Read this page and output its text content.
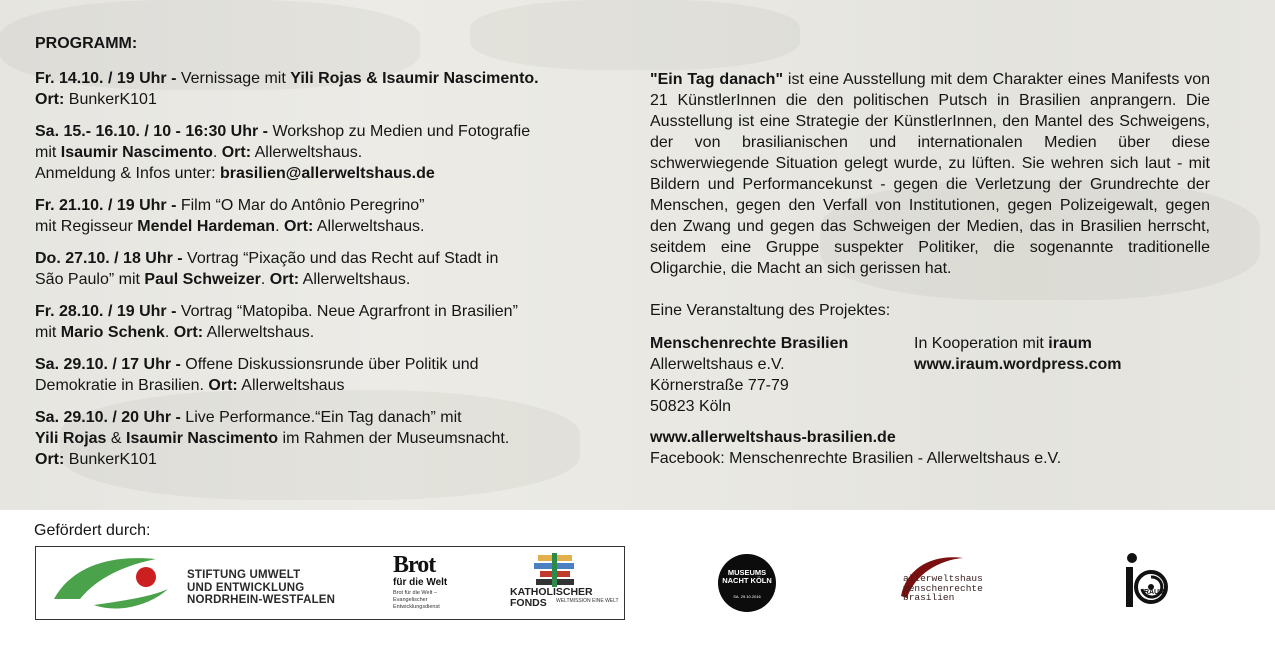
PROGRAMM:

Fr. 14.10. / 19 Uhr - Vernissage mit Yili Rojas & Isaumir Nascimento.
Ort: BunkerK101

Sa. 15.- 16.10. / 10 - 16:30 Uhr - Workshop zu Medien und Fotografie
mit Isaumir Nascimento. Ort: Allerweltshaus.
Anmeldung & Infos unter: brasilien@allerweltshaus.de

Fr. 21.10. / 19 Uhr - Film “O Mar do Antônio Peregrino”
mit Regisseur Mendel Hardeman. Ort: Allerweltshaus.

Do. 27.10. / 18 Uhr - Vortrag “Pixação und das Recht auf Stadt in
São Paulo” mit Paul Schweizer. Ort: Allerweltshaus.

Fr. 28.10. / 19 Uhr - Vortrag “Matopiba. Neue Agrarfront in Brasilien”
mit Mario Schenk. Ort: Allerweltshaus.

Sa. 29.10. / 17 Uhr - Offene Diskussionsrunde über Politik und
Demokratie in Brasilien. Ort: Allerweltshaus

Sa. 29.10. / 20 Uhr - Live Performance.“Ein Tag danach” mit
Yili Rojas & Isaumir Nascimento im Rahmen der Museumsnacht.
Ort: BunkerK101

"Ein Tag danach" ist eine Ausstellung mit dem Charakter eines Manifests von 21 KünstlerInnen die den politischen Putsch in Brasilien anprangern. Die Ausstellung ist eine Strategie der KünstlerInnen, den Mantel des Schweigens, der von brasilianischen und internationalen Medien über diese schwerwiegende Situation gelegt wurde, zu lüften. Sie wehren sich laut - mit Bildern und Performancekunst - gegen die Verletzung der Grundrechte der Menschen, gegen den Verfall von Institutionen, gegen Polizeigewalt, gegen den Zwang und gegen das Schweigen der Medien, das in Brasilien herrscht, seitdem eine Gruppe suspekter Politiker, die sogenannte traditionelle Oligarchie, die Macht an sich gerissen hat.

Eine Veranstaltung des Projektes:

Menschenrechte Brasilien
Allerweltshaus e.V.
Körnerstraße 77-79
50823 Köln
In Kooperation mit iraum
www.iraum.wordpress.com

www.allerweltshaus-brasilien.de

Facebook: Menschenrechte Brasilien - Allerweltshaus e.V.

Gefördert durch:
STIFTUNG UMWELT
UND ENTWICKLUNG
NORDRHEIN-WESTFALEN
Brot
für die Welt
Brot für die Welt –
Evangelischer
Entwicklungsdienst
KATHOLISCHER
FONDS	WELTMISSION EINE WELT
MUSEUMS
NACHT KÖLN
SA. 29.10.2016
allerweltshaus
menschenrechte
brasilien	IRAUM
